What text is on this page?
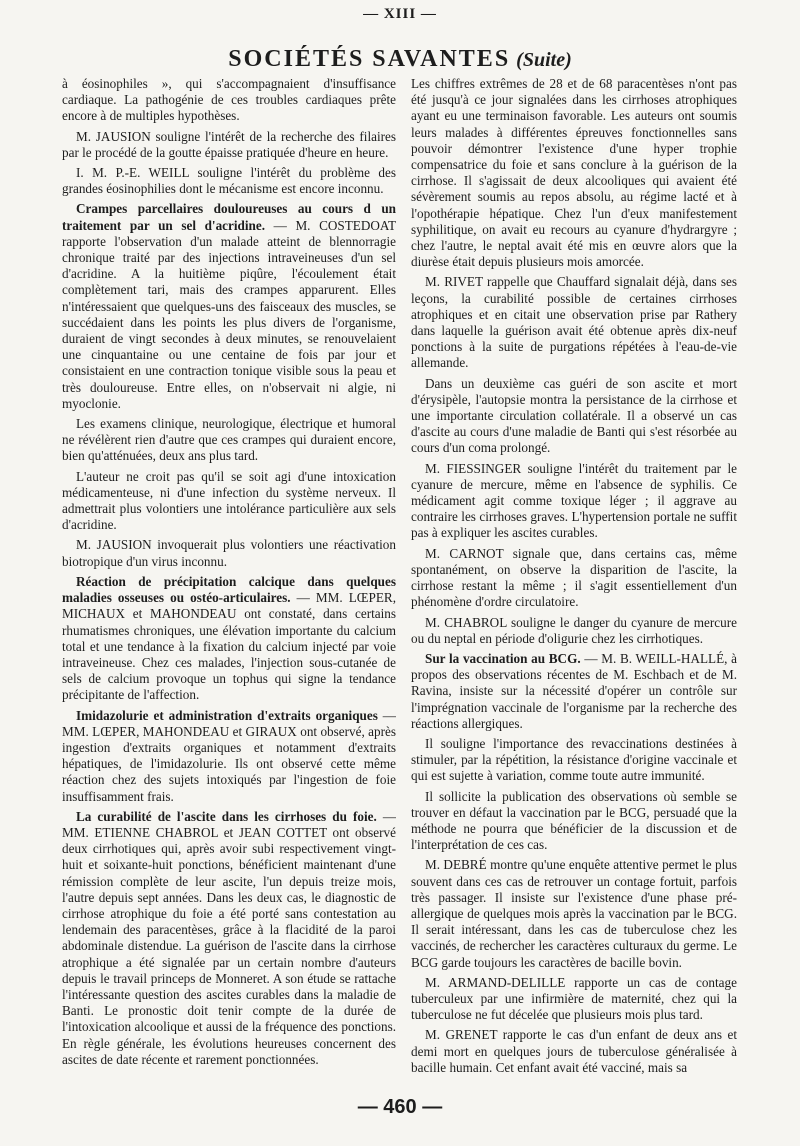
— XIII —
SOCIÉTÉS SAVANTES (Suite)

à éosinophiles », qui s'accompagnaient d'insuffisance cardiaque. La pathogénie de ces troubles cardiaques prête encore à de multiples hypothèses.

M. JAUSION souligne l'intérêt de la recherche des filaires par le procédé de la goutte épaisse pratiquée d'heure en heure.

I. M. P.-E. WEILL souligne l'intérêt du problème des grandes éosinophilies dont le mécanisme est encore inconnu.

Crampes parcellaires douloureuses au cours d un traitement par un sel d'acridine. — M. COSTEDOAT rapporte l'observation d'un malade atteint de blennorragie chronique traité par des injections intraveineuses d'un sel d'acridine. A la huitième piqûre, l'écoulement était complètement tari, mais des crampes apparurent. Elles n'intéressaient que quelques-uns des faisceaux des muscles, se succédaient dans les points les plus divers de l'organisme, duraient de vingt secondes à deux minutes, se renouvelaient une cinquantaine ou une centaine de fois par jour et consistaient en une contraction tonique visible sous la peau et très douloureuse. Entre elles, on n'observait ni algie, ni myoclonie.

Les examens clinique, neurologique, électrique et humoral ne révélèrent rien d'autre que ces crampes qui duraient encore, bien qu'atténuées, deux ans plus tard.

L'auteur ne croit pas qu'il se soit agi d'une intoxication médicamenteuse, ni d'une infection du système nerveux. Il admettrait plus volontiers une intolérance particulière aux sels d'acridine.

M. JAUSION invoquerait plus volontiers une réactivation biotropique d'un virus inconnu.

Réaction de précipitation calcique dans quelques maladies osseuses ou ostéo-articulaires. — MM. LŒPER, MICHAUX et MAHONDEAU ont constaté, dans certains rhumatismes chroniques, une élévation importante du calcium total et une tendance à la fixation du calcium injecté par voie intraveineuse. Chez ces malades, l'injection sous-cutanée de sels de calcium provoque un tophus qui signe la tendance précipitante de l'affection.

Imidazolurie et administration d'extraits organiques — MM. LŒPER, MAHONDEAU et GIRAUX ont observé, après ingestion d'extraits organiques et notamment d'extraits hépatiques, de l'imidazolurie. Ils ont observé cette même réaction chez des sujets intoxiqués par l'ingestion de foie insuffisamment frais.

La curabilité de l'ascite dans les cirrhoses du foie. — MM. ETIENNE CHABROL et JEAN COTTET ont observé deux cirrhotiques qui, après avoir subi respectivement vingt-huit et soixante-huit ponctions, bénéficient maintenant d'une rémission complète de leur ascite, l'un depuis treize mois, l'autre depuis sept années. Dans les deux cas, le diagnostic de cirrhose atrophique du foie a été porté sans contestation au lendemain des paracentèses, grâce à la flacidité de la paroi abdominale distendue. La guérison de l'ascite dans la cirrhose atrophique a été signalée par un certain nombre d'auteurs depuis le travail princeps de Monneret. A son étude se rattache l'intéressante question des ascites curables dans la maladie de Banti. Le pronostic doit tenir compte de la durée de l'intoxication alcoolique et aussi de la fréquence des ponctions. En règle générale, les évolutions heureuses concernent des ascites de date récente et rarement ponctionnées.

Les chiffres extrêmes de 28 et de 68 paracentèses n'ont pas été jusqu'à ce jour signalées dans les cirrhoses atrophiques ayant eu une terminaison favorable. Les auteurs ont soumis leurs malades à différentes épreuves fonctionnelles sans pouvoir démontrer l'existence d'une hyper trophie compensatrice du foie et sans conclure à la guérison de la cirrhose. Il s'agissait de deux alcooliques qui avaient été sévèrement soumis au repos absolu, au régime lacté et à l'opothérapie hépatique. Chez l'un d'eux manifestement syphilitique, on avait eu recours au cyanure d'hydrargyre ; chez l'autre, le neptal avait été mis en œuvre alors que la diurèse était depuis plusieurs mois amorcée.

M. RIVET rappelle que Chauffard signalait déjà, dans ses leçons, la curabilité possible de certaines cirrhoses atrophiques et en citait une observation prise par Rathery dans laquelle la guérison avait été obtenue après dix-neuf ponctions à la suite de purgations répétées à l'eau-de-vie allemande.

Dans un deuxième cas guéri de son ascite et mort d'érysipèle, l'autopsie montra la persistance de la cirrhose et une importante circulation collatérale. Il a observé un cas d'ascite au cours d'une maladie de Banti qui s'est résorbée au cours d'un coma prolongé.

M. FIESSINGER souligne l'intérêt du traitement par le cyanure de mercure, même en l'absence de syphilis. Ce médicament agit comme toxique léger ; il aggrave au contraire les cirrhoses graves. L'hypertension portale ne suffit pas à expliquer les ascites curables.

M. CARNOT signale que, dans certains cas, même spontanément, on observe la disparition de l'ascite, la cirrhose restant la même ; il s'agit essentiellement d'un phénomène d'ordre circulatoire.

M. CHABROL souligne le danger du cyanure de mercure ou du neptal en période d'oligurie chez les cirrhotiques.

Sur la vaccination au BCG. — M. B. WEILL-HALLÉ, à propos des observations récentes de M. Eschbach et de M. Ravina, insiste sur la nécessité d'opérer un contrôle sur l'imprégnation vaccinale de l'organisme par la recherche des réactions allergiques.

Il souligne l'importance des revaccinations destinées à stimuler, par la répétition, la résistance d'origine vaccinale et qui est sujette à variation, comme toute autre immunité.

Il sollicite la publication des observations où semble se trouver en défaut la vaccination par le BCG, persuadé que la méthode ne pourra que bénéficier de la discussion et de l'interprétation de ces cas.

M. DEBRÉ montre qu'une enquête attentive permet le plus souvent dans ces cas de retrouver un contage fortuit, parfois très passager. Il insiste sur l'existence d'une phase pré-allergique de quelques mois après la vaccination par le BCG. Il serait intéressant, dans les cas de tuberculose chez les vaccinés, de rechercher les caractères culturaux du germe. Le BCG garde toujours les caractères de bacille bovin.

M. ARMAND-DELILLE rapporte un cas de contage tuberculeux par une infirmière de maternité, chez qui la tuberculose ne fut décelée que plusieurs mois plus tard.

M. GRENET rapporte le cas d'un enfant de deux ans et demi mort en quelques jours de tuberculose généralisée à bacille humain. Cet enfant avait été vacciné, mais sa

— 460 —
